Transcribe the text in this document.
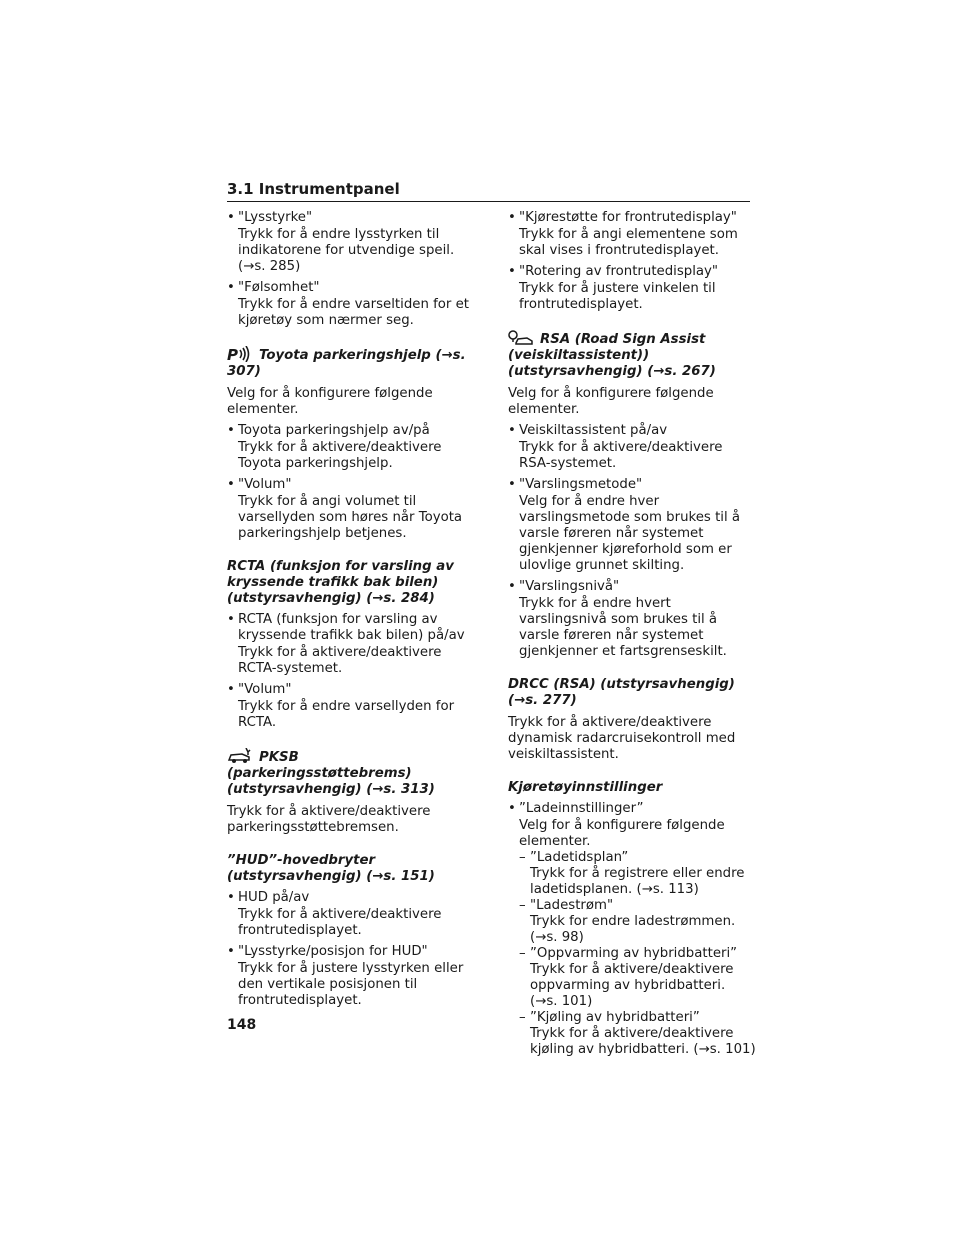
3.1 Instrumentpanel
• "Lysstyrke"
Trykk for å endre lysstyrken til indikatorene for utvendige speil. (→s. 285)
• "Følsomhet"
Trykk for å endre varseltiden for et kjøretøy som nærmer seg.
P Toyota parkeringshjelp (→s. 307)
Velg for å konfigurere følgende elementer.
• Toyota parkeringshjelp av/på
Trykk for å aktivere/deaktivere Toyota parkeringshjelp.
• "Volum"
Trykk for å angi volumet til varsellyden som høres når Toyota parkeringshjelp betjenes.
RCTA (funksjon for varsling av kryssende trafikk bak bilen) (utstyrsavhengig) (→s. 284)
• RCTA (funksjon for varsling av kryssende trafikk bak bilen) på/av
Trykk for å aktivere/deaktivere RCTA-systemet.
• "Volum"
Trykk for å endre varsellyden for RCTA.
PKSB (parkeringsstøttebrems) (utstyrsavhengig) (→s. 313)
Trykk for å aktivere/deaktivere parkeringsstøttebremsen.
”HUD”-hovedbryter (utstyrsavhengig) (→s. 151)
• HUD på/av
Trykk for å aktivere/deaktivere frontrutedisplayet.
• "Lysstyrke/posisjon for HUD"
Trykk for å justere lysstyrken eller den vertikale posisjonen til frontrutedisplayet.
• "Kjørestøtte for frontrutedisplay"
Trykk for å angi elementene som skal vises i frontrutedisplayet.
• "Rotering av frontrutedisplay"
Trykk for å justere vinkelen til frontrutedisplayet.
RSA (Road Sign Assist (veiskiltassistent)) (utstyrsavhengig) (→s. 267)
Velg for å konfigurere følgende elementer.
• Veiskiltassistent på/av
Trykk for å aktivere/deaktivere RSA-systemet.
• "Varslingsmetode"
Velg for å endre hver varslingsmetode som brukes til å varsle føreren når systemet gjenkjenner kjøreforhold som er ulovlige grunnet skilting.
• "Varslingsnivå"
Trykk for å endre hvert varslingsnivå som brukes til å varsle føreren når systemet gjenkjenner et fartsgrenseskilt.
DRCC (RSA) (utstyrsavhengig) (→s. 277)
Trykk for å aktivere/deaktivere dynamisk radarcruisekontroll med veiskiltassistent.
Kjøretøyinnstillinger
• ”Ladeinnstillinger”
Velg for å konfigurere følgende elementer.
– ”Ladetidsplan”
Trykk for å registrere eller endre ladetidsplanen. (→s. 113)
– "Ladestrøm"
Trykk for endre ladestrømmen. (→s. 98)
– ”Oppvarming av hybridbatteri”
Trykk for å aktivere/deaktivere oppvarming av hybridbatteri. (→s. 101)
– ”Kjøling av hybridbatteri”
Trykk for å aktivere/deaktivere kjøling av hybridbatteri. (→s. 101)
148
